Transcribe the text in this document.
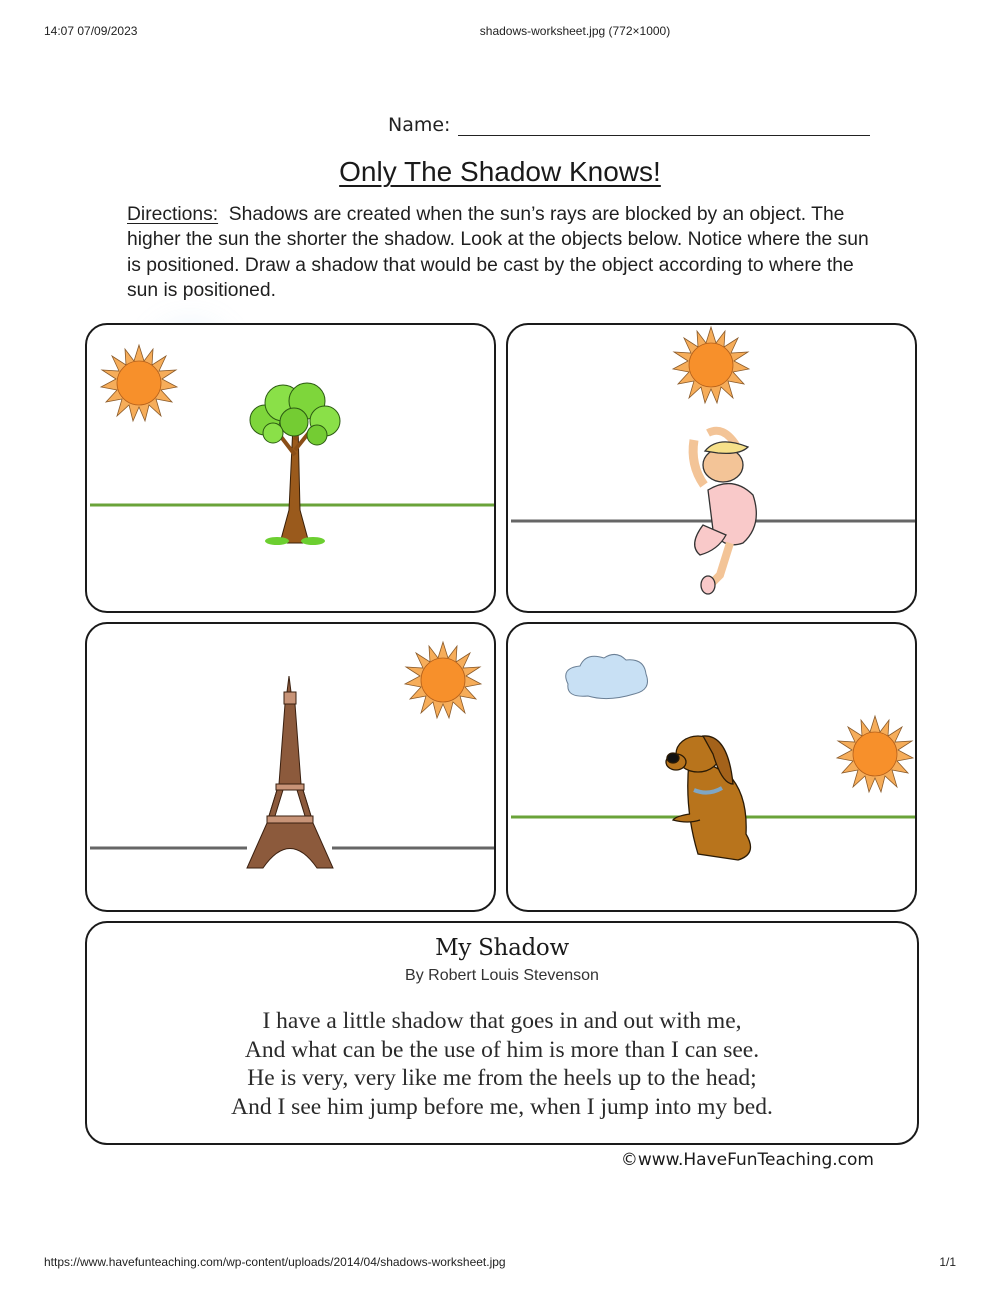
14:07 07/09/2023	shadows-worksheet.jpg (772×1000)
Name:
Only The Shadow Knows!
Directions: Shadows are created when the sun’s rays are blocked by an object. The higher the sun the shorter the shadow. Look at the objects below. Notice where the sun is positioned. Draw a shadow that would be cast by the object according to where the sun is positioned.
My Shadow
By Robert Louis Stevenson
I have a little shadow that goes in and out with me,
And what can be the use of him is more than I can see.
He is very, very like me from the heels up to the head;
And I see him jump before me, when I jump into my bed.
©www.HaveFunTeaching.com
https://www.havefunteaching.com/wp-content/uploads/2014/04/shadows-worksheet.jpg	1/1
